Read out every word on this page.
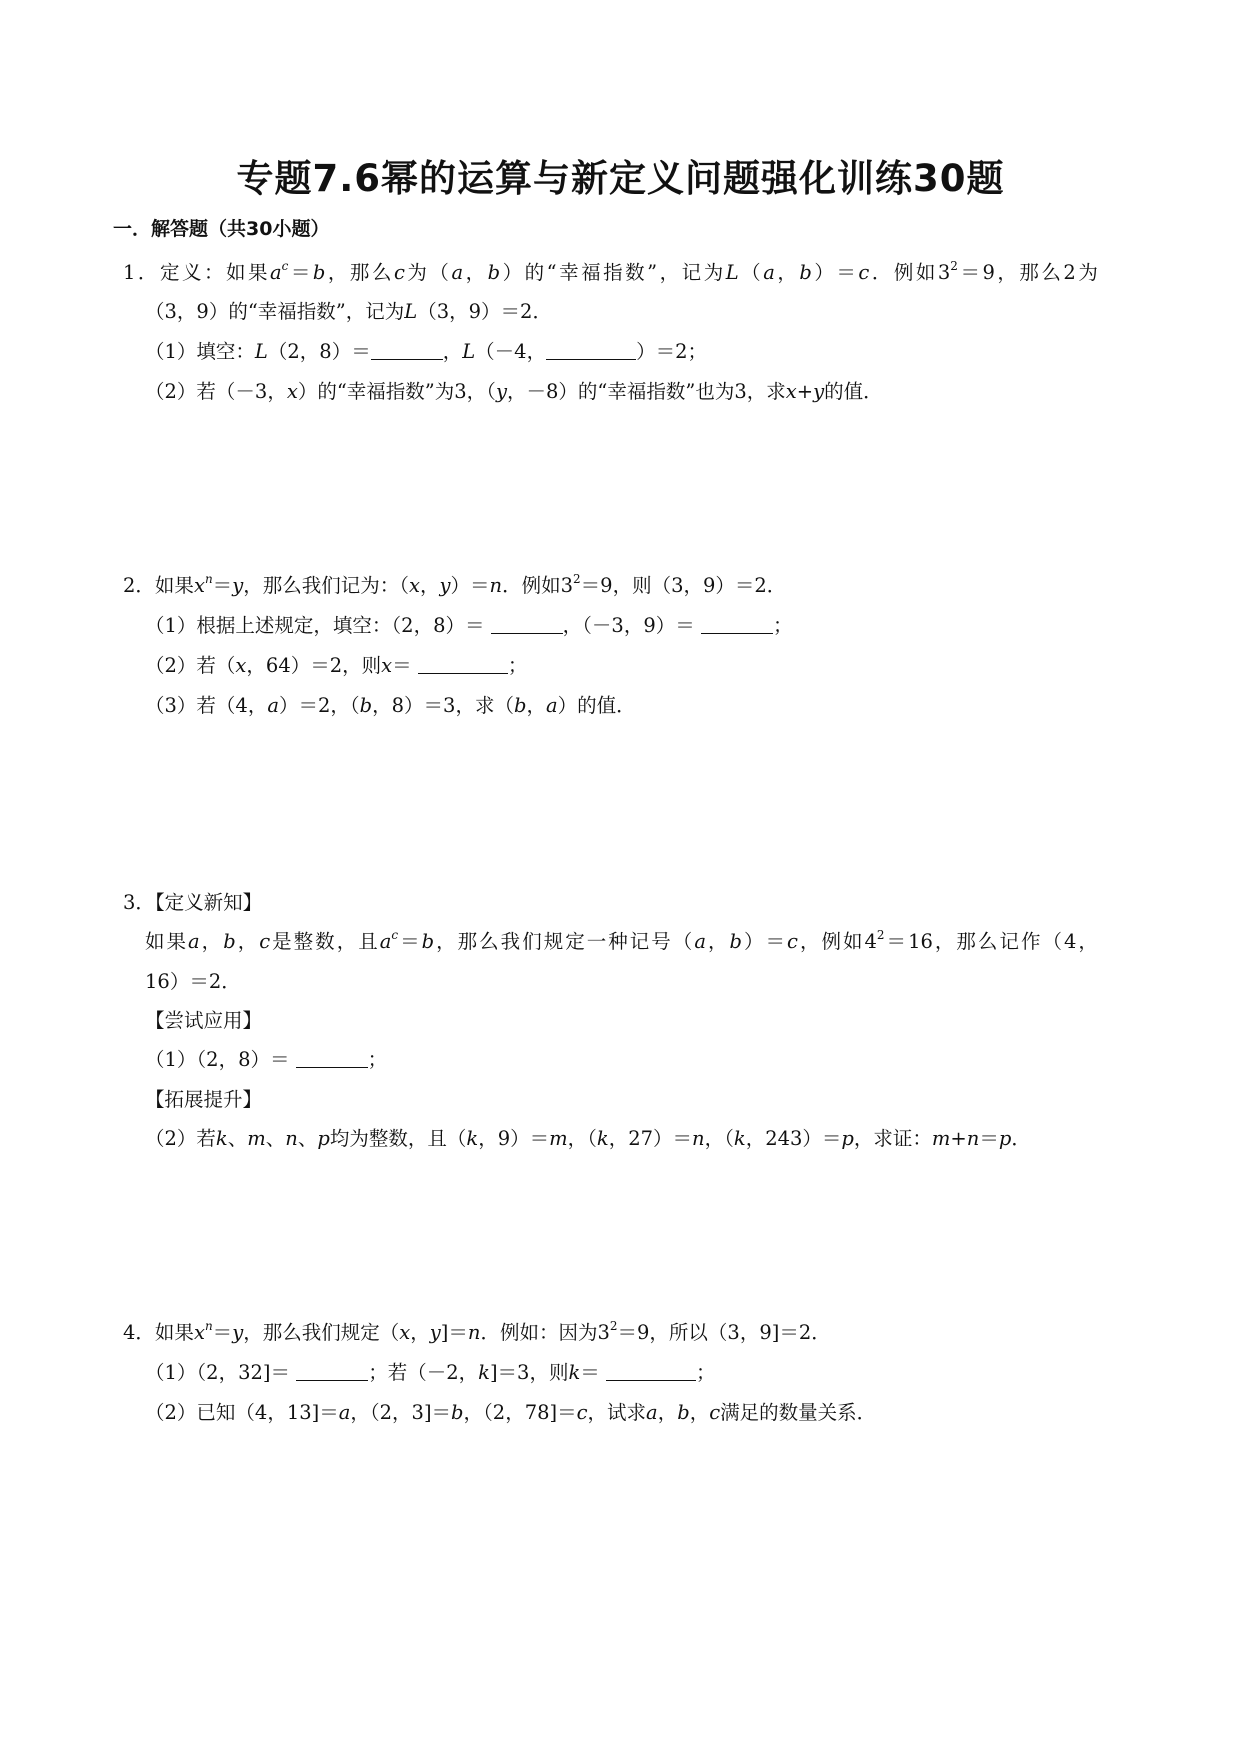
专题7.6幂的运算与新定义问题强化训练30题
一．解答题（共30小题）
1．定义：如果$a^c=b$，那么c为（a，b）的“幸福指数”，记为L（a，b）＝c．例如$3^2=9$，那么2为
（3，9）的“幸福指数”，记为L（3，9）＝2．
（1）填空：L（2，8）＝	，L（－4，	）＝2；
（2）若（－3，x）的“幸福指数”为3，（y，－8）的“幸福指数”也为3，求x+y的值．
2．如果$x^n=y$，那么我们记为：（x，y）＝n．例如$3^2=9$，则（3，9）＝2．
（1）根据上述规定，填空：（2，8）＝	，（－3，9）＝	；
（2）若（x，64）＝2，则x＝	；
（3）若（4，a）＝2，（b，8）＝3，求（b，a）的值．
3．【定义新知】
如果a，b，c是整数，且$a^c=b$，那么我们规定一种记号（a，b）＝c，例如$4^2=16$，那么记作（4，
16）＝2．
【尝试应用】
（1）（2，8）＝	；
【拓展提升】
（2）若k、m、n、p均为整数，且（k，9）＝m，（k，27）＝n，（k，243）＝p，求证：m+n＝p．
4．如果$x^n=y$，那么我们规定（x，y]＝n．例如：因为$3^2=9$，所以（3，9]＝2．
（1）（2，32]＝	；若（－2，k]＝3，则k＝	；
（2）已知（4，13]＝a，（2，3]＝b，（2，78]＝c，试求a，b，c满足的数量关系．
